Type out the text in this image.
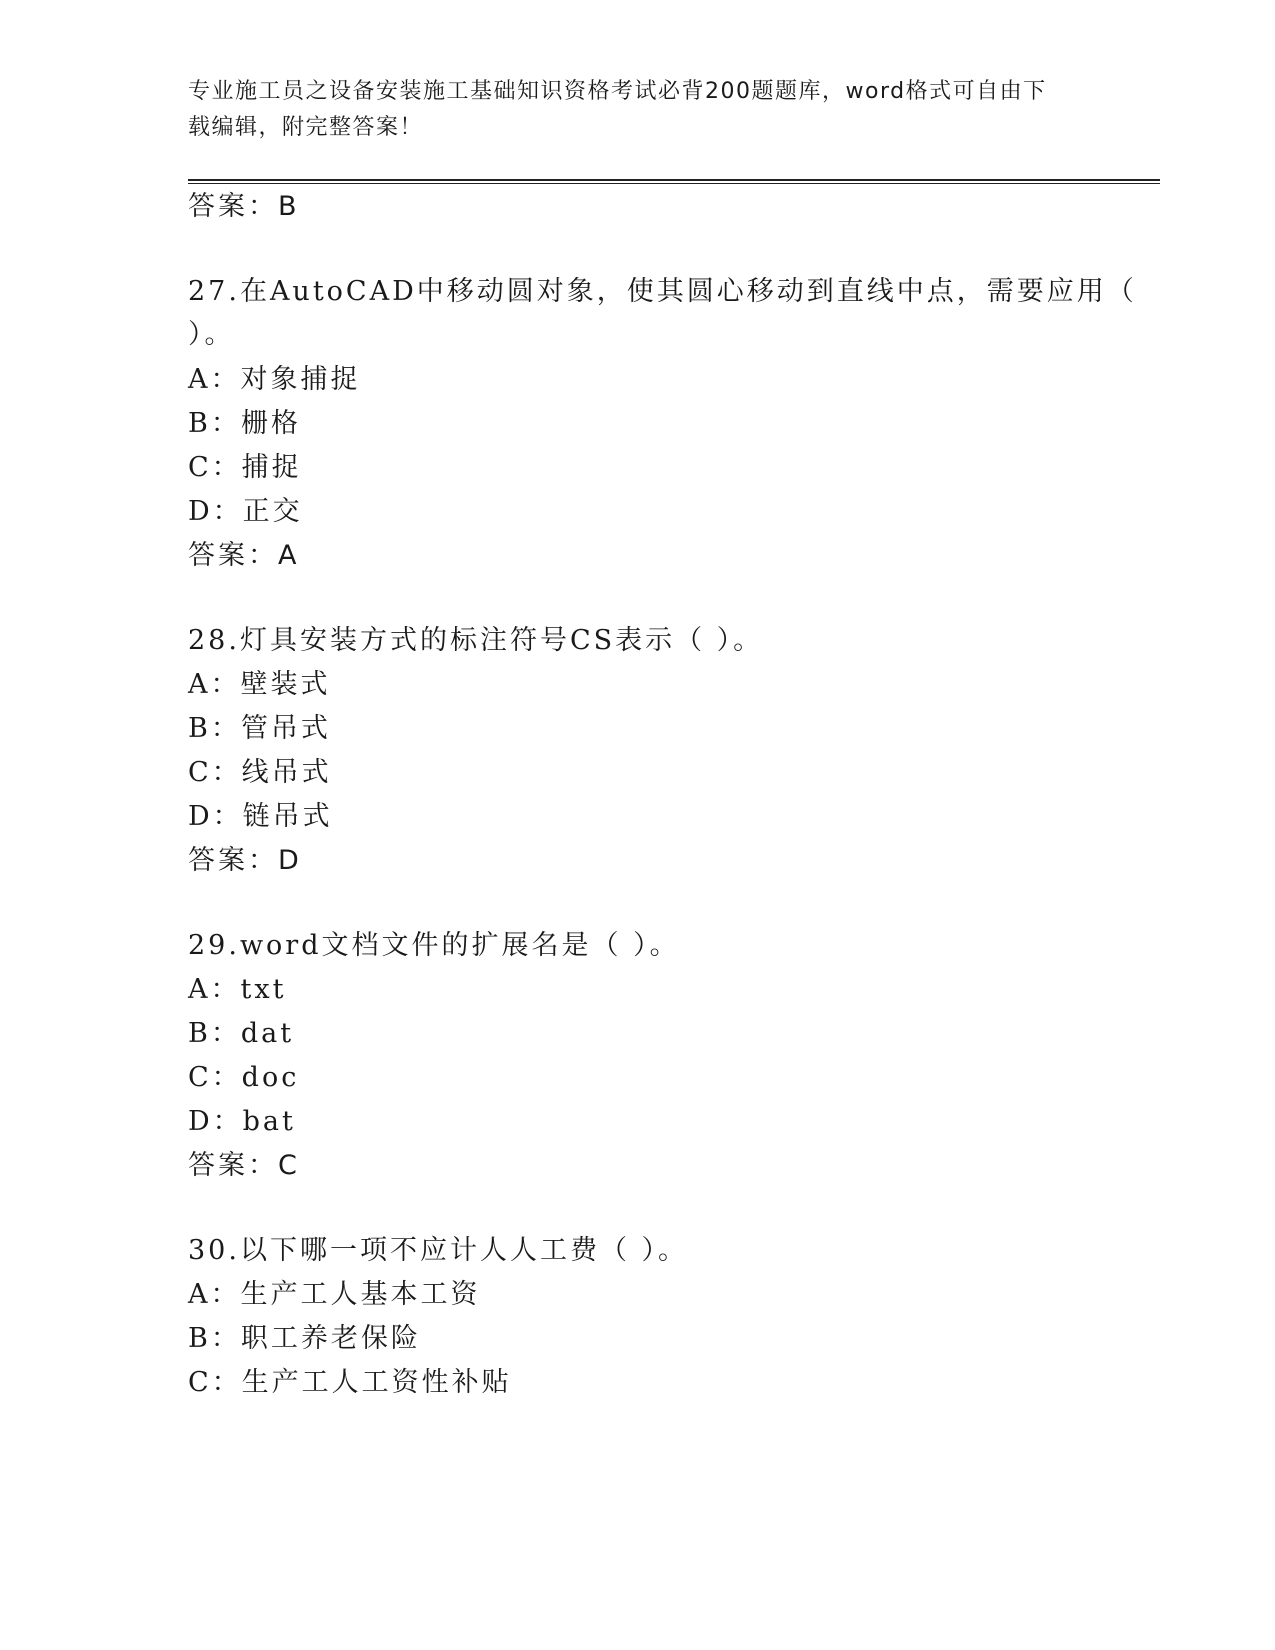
专业施工员之设备安装施工基础知识资格考试必背200题题库，word格式可自由下载编辑，附完整答案！
答案：B
27.在AutoCAD中移动圆对象，使其圆心移动到直线中点，需要应用（
）。
A：对象捕捉
B：栅格
C：捕捉
D：正交
答案：A
28.灯具安装方式的标注符号CS表示（ ）。
A：壁装式
B：管吊式
C：线吊式
D：链吊式
答案：D
29.word文档文件的扩展名是（ ）。
A：txt
B：dat
C：doc
D：bat
答案：C
30.以下哪一项不应计人人工费（ ）。
A：生产工人基本工资
B：职工养老保险
C：生产工人工资性补贴
